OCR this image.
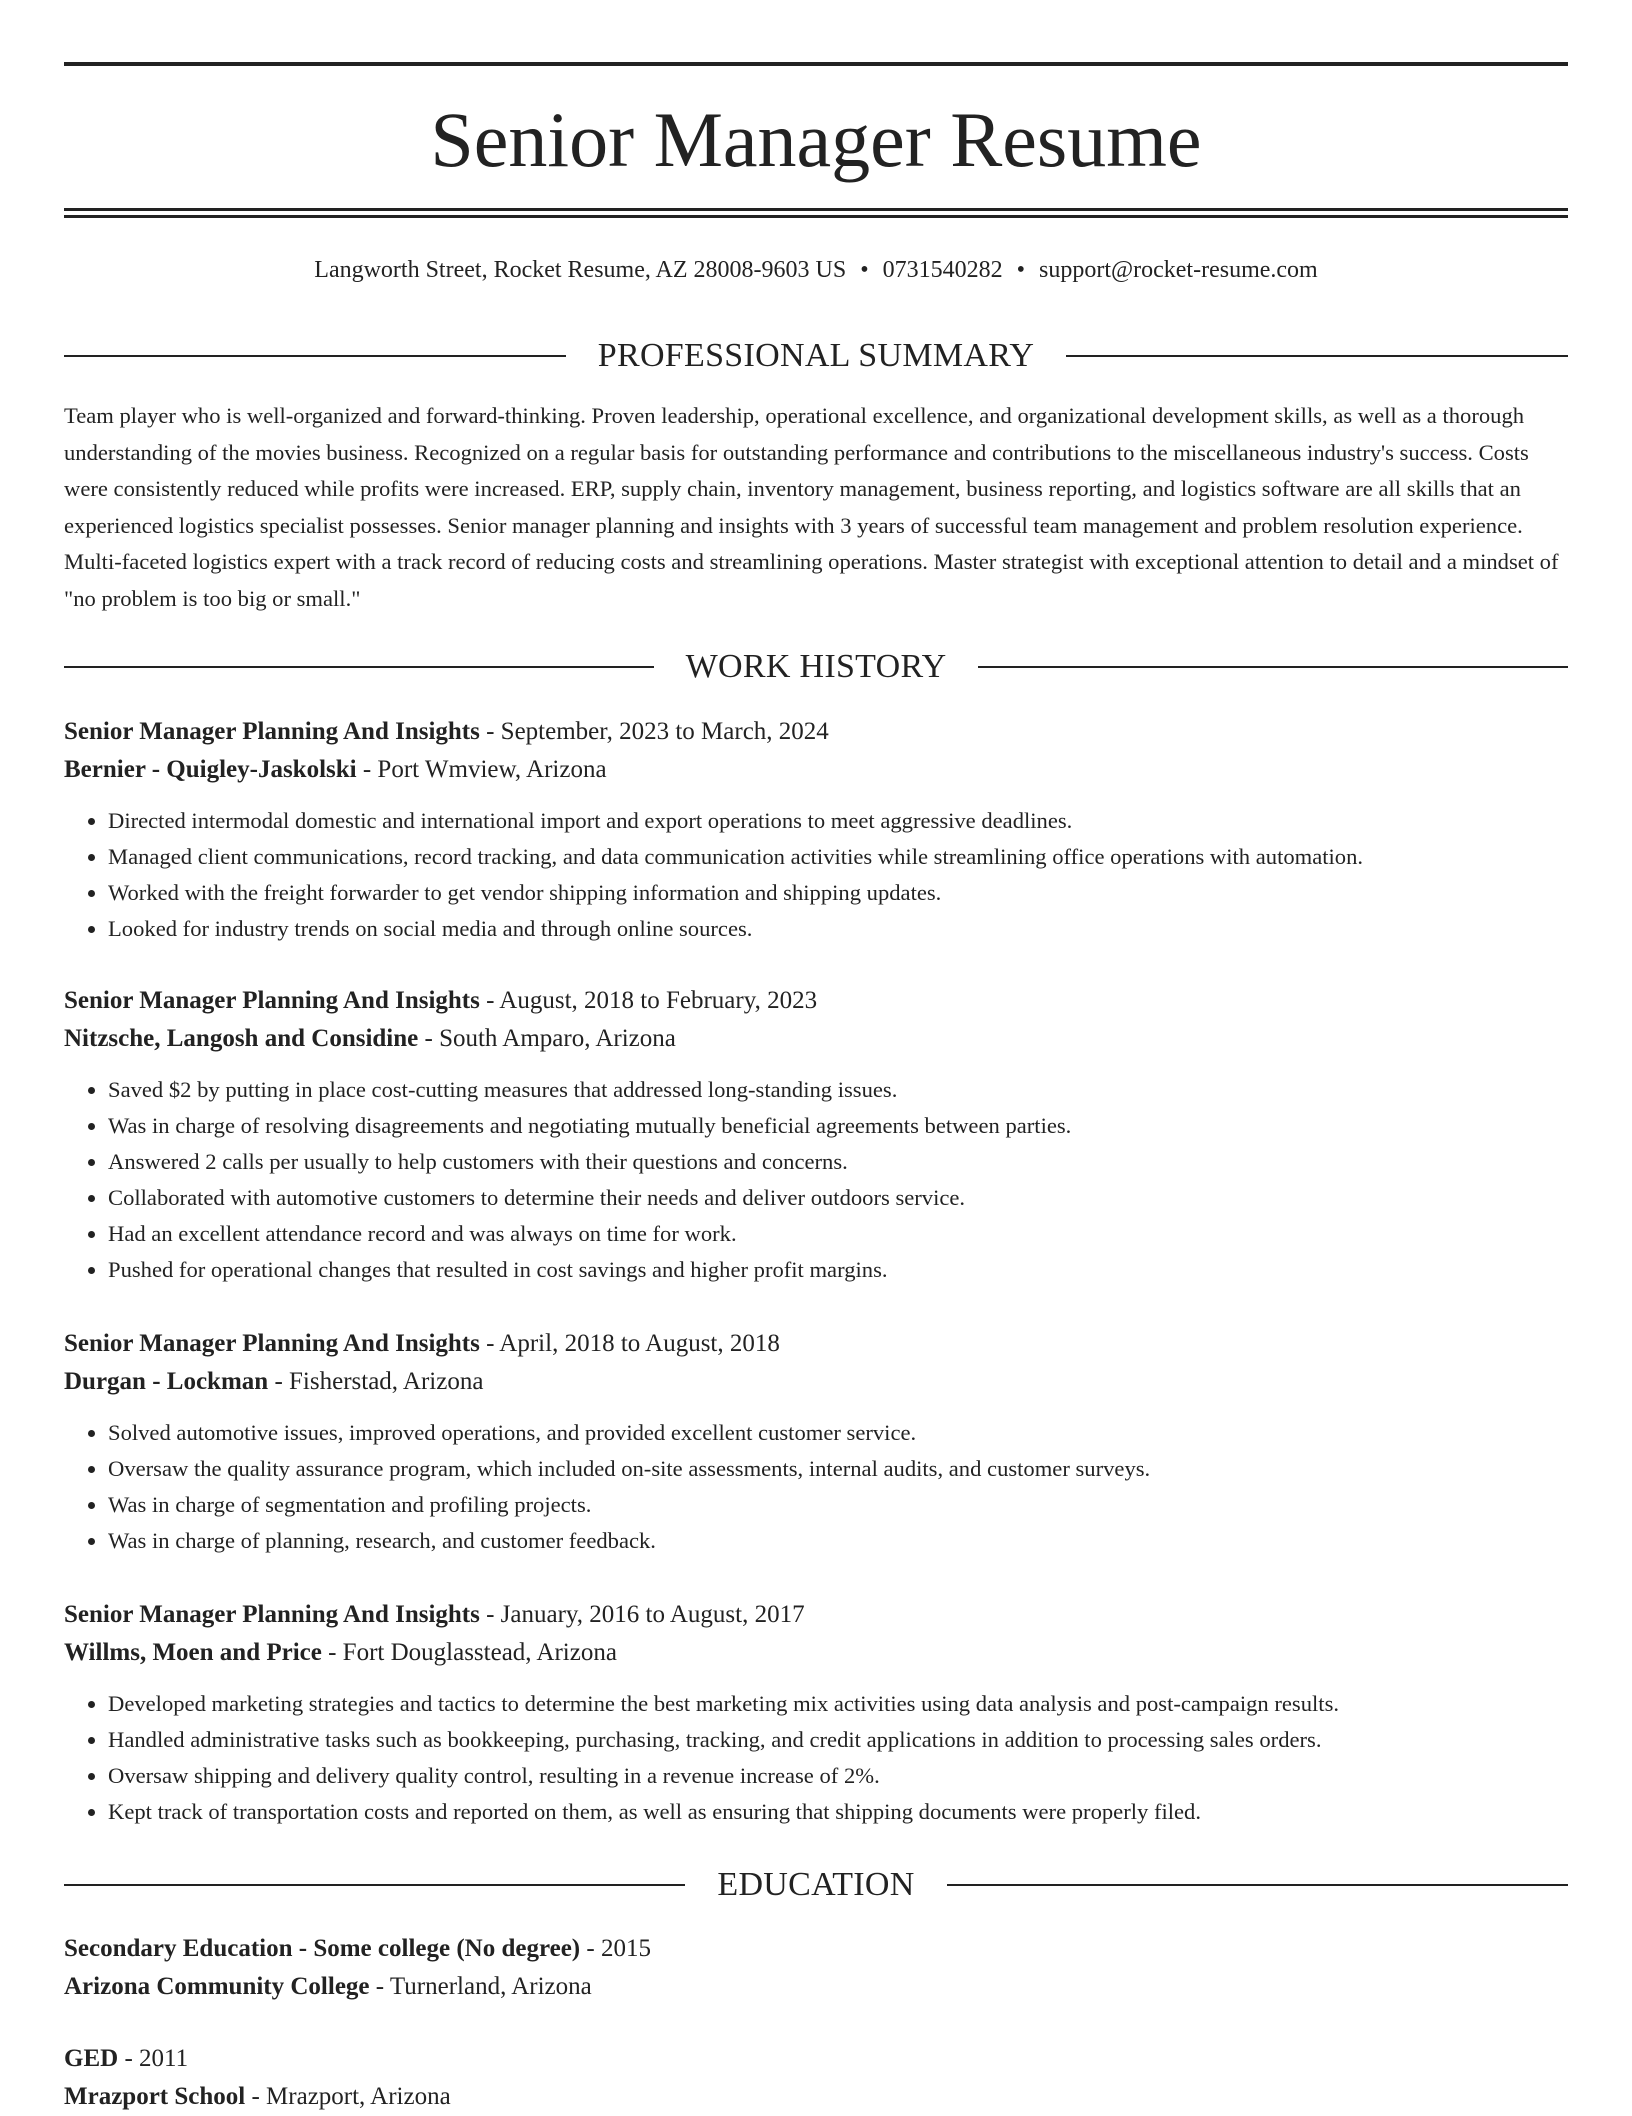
Senior Manager Resume
Langworth Street, Rocket Resume, AZ 28008-9603 US • 0731540282 • support@rocket-resume.com
PROFESSIONAL SUMMARY

Team player who is well-organized and forward-thinking. Proven leadership, operational excellence, and organizational development skills, as well as a thorough understanding of the movies business. Recognized on a regular basis for outstanding performance and contributions to the miscellaneous industry's success. Costs were consistently reduced while profits were increased. ERP, supply chain, inventory management, business reporting, and logistics software are all skills that an experienced logistics specialist possesses. Senior manager planning and insights with 3 years of successful team management and problem resolution experience. Multi-faceted logistics expert with a track record of reducing costs and streamlining operations. Master strategist with exceptional attention to detail and a mindset of "no problem is too big or small."

WORK HISTORY
Senior Manager Planning And Insights - September, 2023 to March, 2024
Bernier - Quigley-Jaskolski - Port Wmview, Arizona
• Directed intermodal domestic and international import and export operations to meet aggressive deadlines.
• Managed client communications, record tracking, and data communication activities while streamlining office operations with automation.
• Worked with the freight forwarder to get vendor shipping information and shipping updates.
• Looked for industry trends on social media and through online sources.
Senior Manager Planning And Insights - August, 2018 to February, 2023
Nitzsche, Langosh and Considine - South Amparo, Arizona
• Saved $2 by putting in place cost-cutting measures that addressed long-standing issues.
• Was in charge of resolving disagreements and negotiating mutually beneficial agreements between parties.
• Answered 2 calls per usually to help customers with their questions and concerns.
• Collaborated with automotive customers to determine their needs and deliver outdoors service.
• Had an excellent attendance record and was always on time for work.
• Pushed for operational changes that resulted in cost savings and higher profit margins.
Senior Manager Planning And Insights - April, 2018 to August, 2018
Durgan - Lockman - Fisherstad, Arizona
• Solved automotive issues, improved operations, and provided excellent customer service.
• Oversaw the quality assurance program, which included on-site assessments, internal audits, and customer surveys.
• Was in charge of segmentation and profiling projects.
• Was in charge of planning, research, and customer feedback.
Senior Manager Planning And Insights - January, 2016 to August, 2017
Willms, Moen and Price - Fort Douglasstead, Arizona
• Developed marketing strategies and tactics to determine the best marketing mix activities using data analysis and post-campaign results.
• Handled administrative tasks such as bookkeeping, purchasing, tracking, and credit applications in addition to processing sales orders.
• Oversaw shipping and delivery quality control, resulting in a revenue increase of 2%.
• Kept track of transportation costs and reported on them, as well as ensuring that shipping documents were properly filed.
EDUCATION
Secondary Education - Some college (No degree) - 2015
Arizona Community College - Turnerland, Arizona
GED - 2011
Mrazport School - Mrazport, Arizona
